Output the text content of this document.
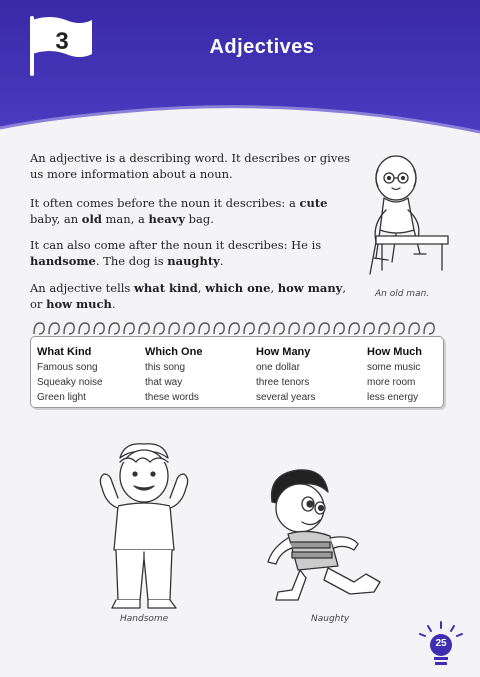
3	Adjectives
An adjective is a describing word. It describes or gives us more information about a noun.
It often comes before the noun it describes: a cute baby, an old man, a heavy bag.
It can also come after the noun it describes: He is handsome. The dog is naughty.
An adjective tells what kind, which one, how many, or how much.
An old man.
What Kind
Famous song
Squeaky noise
Green light
Which One
this song
that way
these words
How Many
one dollar
three tenors
several years
How Much
some music
more room
less energy
Handsome	Naughty
25
